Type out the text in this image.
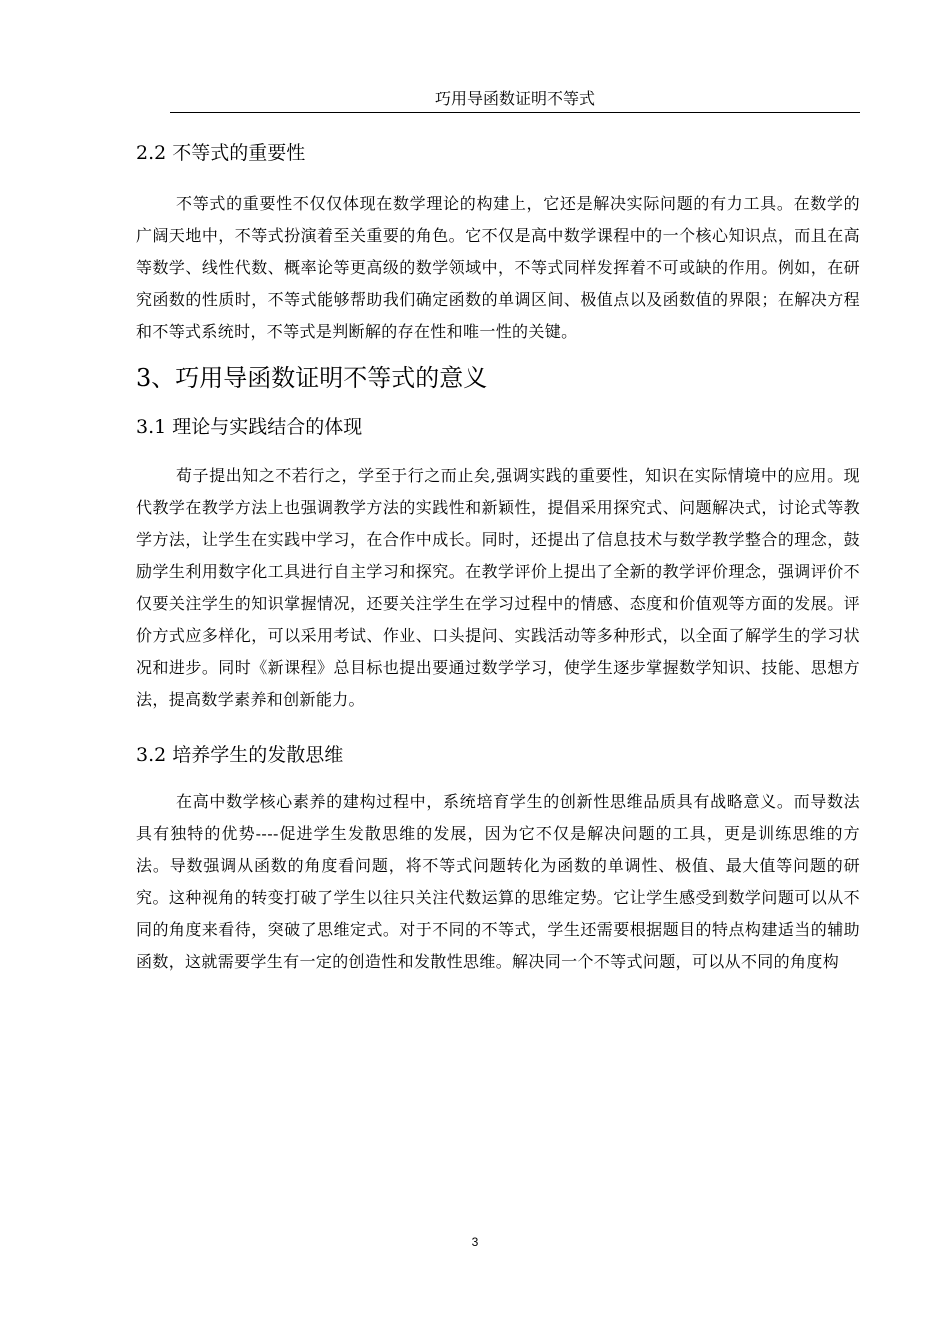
巧用导函数证明不等式
2.2 不等式的重要性

不等式的重要性不仅仅体现在数学理论的构建上，它还是解决实际问题的有力工具。在数学的广阔天地中，不等式扮演着至关重要的角色。它不仅是高中数学课程中的一个核心知识点，而且在高等数学、线性代数、概率论等更高级的数学领域中，不等式同样发挥着不可或缺的作用。例如，在研究函数的性质时，不等式能够帮助我们确定函数的单调区间、极值点以及函数值的界限；在解决方程和不等式系统时，不等式是判断解的存在性和唯一性的关键。

3、巧用导函数证明不等式的意义
3.1 理论与实践结合的体现

荀子提出知之不若行之，学至于行之而止矣,强调实践的重要性，知识在实际情境中的应用。现代教学在教学方法上也强调教学方法的实践性和新颖性，提倡采用探究式、问题解决式，讨论式等教学方法，让学生在实践中学习，在合作中成长。同时，还提出了信息技术与数学教学整合的理念，鼓励学生利用数字化工具进行自主学习和探究。在教学评价上提出了全新的教学评价理念，强调评价不仅要关注学生的知识掌握情况，还要关注学生在学习过程中的情感、态度和价值观等方面的发展。评价方式应多样化，可以采用考试、作业、口头提问、实践活动等多种形式，以全面了解学生的学习状况和进步。同时《新课程》总目标也提出要通过数学学习，使学生逐步掌握数学知识、技能、思想方法，提高数学素养和创新能力。

3.2 培养学生的发散思维

在高中数学核心素养的建构过程中，系统培育学生的创新性思维品质具有战略意义。而导数法具有独特的优势----促进学生发散思维的发展，因为它不仅是解决问题的工具，更是训练思维的方法。导数强调从函数的角度看问题，将不等式问题转化为函数的单调性、极值、最大值等问题的研究。这种视角的转变打破了学生以往只关注代数运算的思维定势。它让学生感受到数学问题可以从不同的角度来看待，突破了思维定式。对于不同的不等式，学生还需要根据题目的特点构建适当的辅助函数，这就需要学生有一定的创造性和发散性思维。解决同一个不等式问题，可以从不同的角度构

3
